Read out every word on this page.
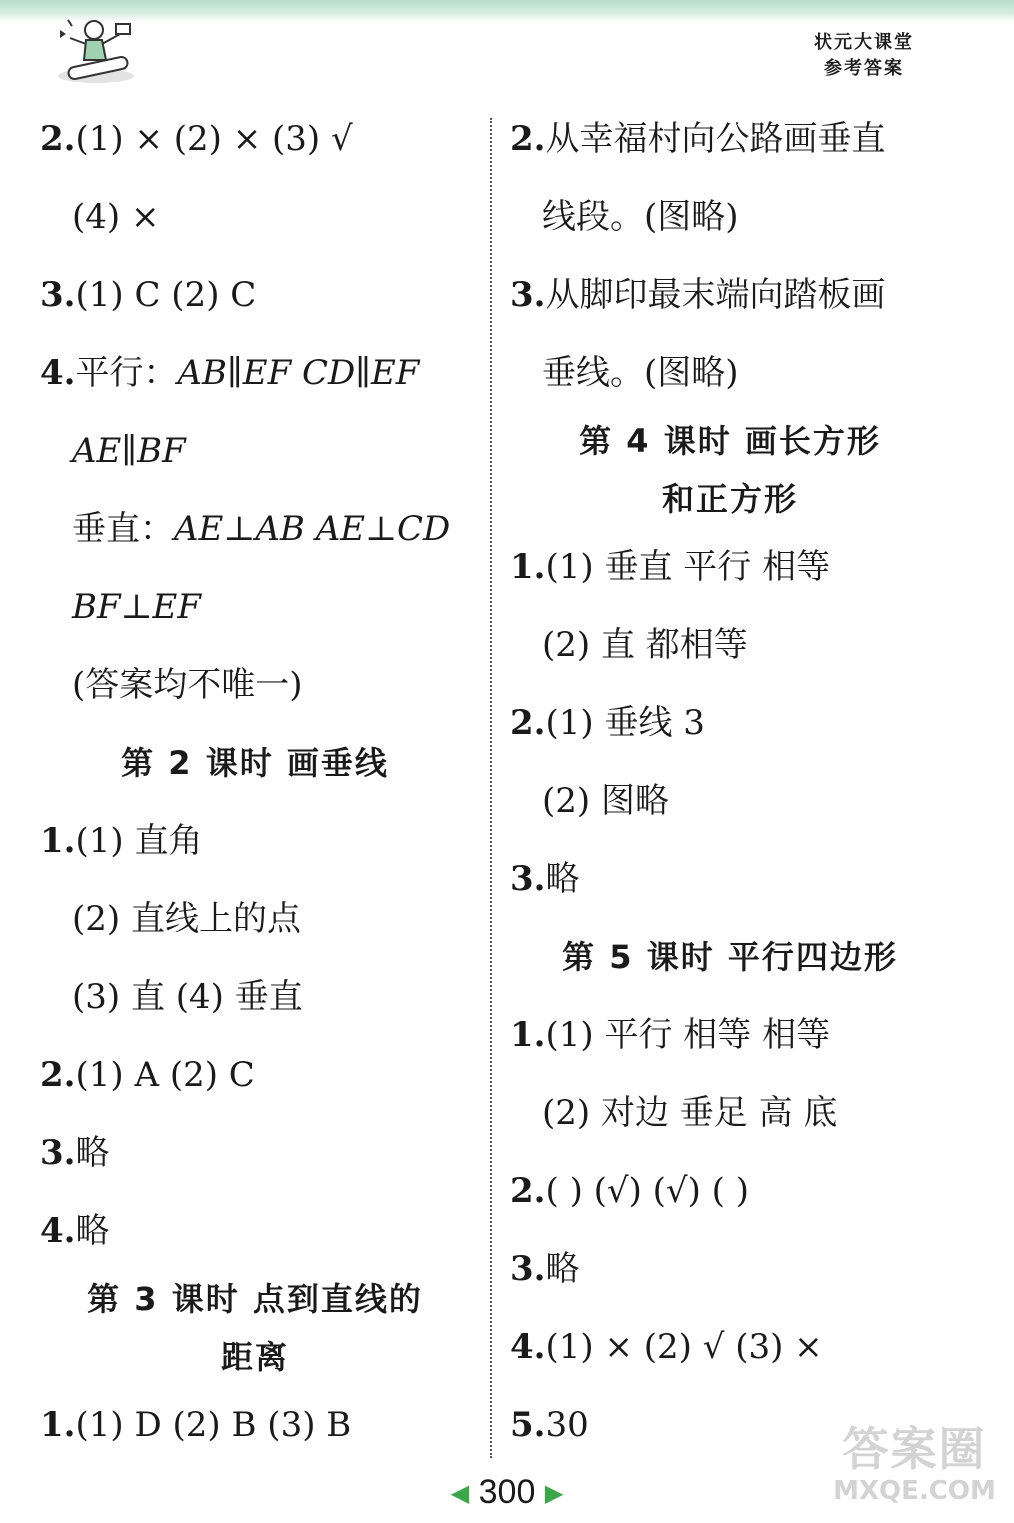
状元大课堂
参考答案
2.(1) × (2) × (3) √
(4) ×
3.(1) C (2) C
4.平行：AB∥EF CD∥EF
AE∥BF
垂直：AE⊥AB AE⊥CD
BF⊥EF
(答案均不唯一)
第 2 课时 画垂线
1.(1) 直角
(2) 直线上的点
(3) 直 (4) 垂直
2.(1) A (2) C
3.略
4.略
第 3 课时 点到直线的
距离
1.(1) D (2) B (3) B
2.从幸福村向公路画垂直
线段。(图略)
3.从脚印最末端向踏板画
垂线。(图略)
第 4 课时 画长方形
和正方形
1.(1) 垂直 平行 相等
(2) 直 都相等
2.(1) 垂线 3
(2) 图略
3.略
第 5 课时 平行四边形
1.(1) 平行 相等 相等
(2) 对边 垂足 高 底
2.( ) (√) (√) ( )
3.略
4.(1) × (2) √ (3) ×
5.30
◀ 300 ▶
答案圈
MXQE.COM
